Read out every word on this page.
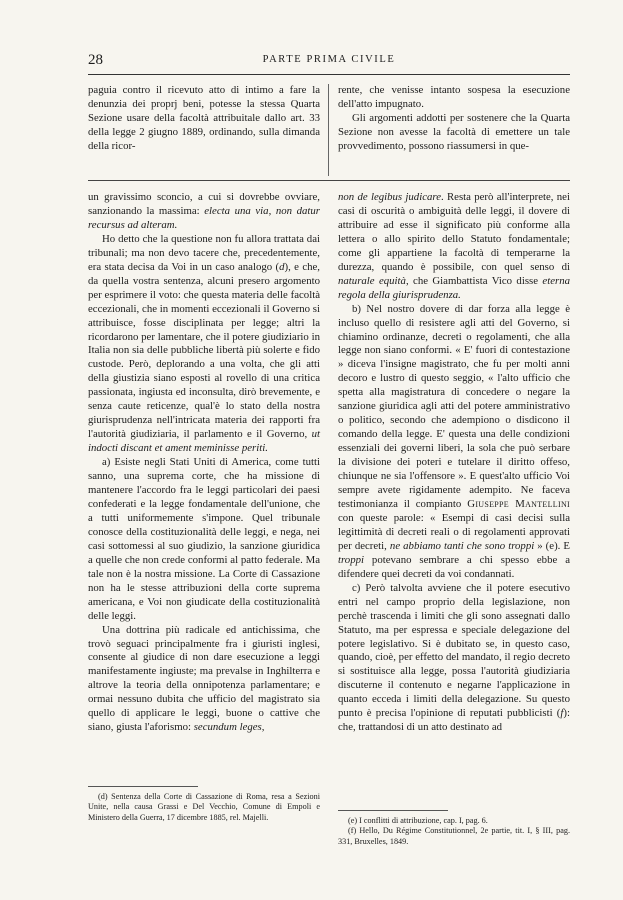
28	PARTE PRIMA CIVILE

paguia contro il ricevuto atto di intimo a fare la denunzia dei proprj beni, potesse la stessa Quarta Sezione usare della facoltà attribuitale dallo art. 33 della legge 2 giugno 1889, ordinando, sulla dimanda della ricor-

rente, che venisse intanto sospesa la esecuzione dell'atto impugnato.

Gli argomenti addotti per sostenere che la Quarta Sezione non avesse la facoltà di emettere un tale provvedimento, possono riassumersi in que-

un gravissimo sconcio, a cui si dovrebbe ovviare, sanzionando la massima: electa una via, non datur recursus ad alteram.

Ho detto che la questione non fu allora trattata dai tribunali; ma non devo tacere che, precedentemente, era stata decisa da Voi in un caso analogo (d), e che, da quella vostra sentenza, alcuni presero argomento per esprimere il voto: che questa materia delle facoltà eccezionali, che in momenti eccezionali il Governo si attribuisce, fosse disciplinata per legge; altri la ricordarono per lamentare, che il potere giudiziario in Italia non sia delle pubbliche libertà più solerte e fido custode. Però, deplorando a una volta, che gli atti della giustizia siano esposti al rovello di una critica passionata, ingiusta ed inconsulta, dirò brevemente, e senza caute reticenze, qual'è lo stato della nostra giurisprudenza nell'intricata materia dei rapporti fra l'autorità giudiziaria, il parlamento e il Governo, ut indocti discant et ament meminisse periti.

a) Esiste negli Stati Uniti di America, come tutti sanno, una suprema corte, che ha missione di mantenere l'accordo fra le leggi particolari dei paesi confederati e la legge fondamentale dell'unione, che a tutti uniformemente s'impone. Quel tribunale conosce della costituzionalità delle leggi, e nega, nei casi sottomessi al suo giudizio, la sanzione giuridica a quelle che non crede conformi al patto federale. Ma tale non è la nostra missione. La Corte di Cassazione non ha le stesse attribuzioni della corte suprema americana, e Voi non giudicate della costituzionalità delle leggi.

Una dottrina più radicale ed antichissima, che trovò seguaci principalmente fra i giuristi inglesi, consente al giudice di non dare esecuzione a leggi manifestamente ingiuste; ma prevalse in Inghilterra e altrove la teoria della onnipotenza parlamentare; e ormai nessuno dubita che ufficio del magistrato sia quello di applicare le leggi, buone o cattive che siano, giusta l'aforismo: secundum leges,

non de legibus judicare. Resta però all'interprete, nei casi di oscurità o ambiguità delle leggi, il dovere di attribuire ad esse il significato più conforme alla lettera o allo spirito dello Statuto fondamentale; come gli appartiene la facoltà di temperarne la durezza, quando è possibile, con quel senso di naturale equità, che Giambattista Vico disse eterna regola della giurisprudenza.

b) Nel nostro dovere di dar forza alla legge è incluso quello di resistere agli atti del Governo, si chiamino ordinanze, decreti o regolamenti, che alla legge non siano conformi. « E' fuori di contestazione » diceva l'insigne magistrato, che fu per molti anni decoro e lustro di questo seggio, « l'alto ufficio che spetta alla magistratura di concedere o negare la sanzione giuridica agli atti del potere amministrativo o politico, secondo che adempiono o disdicono il comando della legge. E' questa una delle condizioni essenziali dei governi liberi, la sola che può serbare la divisione dei poteri e tutelare il diritto offeso, chiunque ne sia l'offensore ». E quest'alto ufficio Voi sempre avete rigidamente adempito. Ne faceva testimonianza il compianto Giuseppe Mantellini con queste parole: « Esempi di casi decisi sulla legittimità di decreti reali o di regolamenti approvati per decreti, ne abbiamo tanti che sono troppi » (e). E troppi potevano sembrare a chi spesso ebbe a difendere quei decreti da voi condannati.

c) Però talvolta avviene che il potere esecutivo entri nel campo proprio della legislazione, non perchè trascenda i limiti che gli sono assegnati dallo Statuto, ma per espressa e speciale delegazione del potere legislativo. Si è dubitato se, in questo caso, quando, cioè, per effetto del mandato, il regio decreto si sostituisce alla legge, possa l'autorità giudiziaria discuterne il contenuto e negarne l'applicazione in quanto ecceda i limiti della delegazione. Su questo punto è precisa l'opinione di reputati pubblicisti (f): che, trattandosi di un atto destinato ad

(d) Sentenza della Corte di Cassazione di Roma, resa a Sezioni Unite, nella causa Grassi e Del Vecchio, Comune di Empoli e Ministero della Guerra, 17 dicembre 1885, rel. Majelli.	(e) I conflitti di attribuzione, cap. I, pag. 6.

(f) Hello, Du Régime Constitutionnel, 2e partie, tit. I, § III, pag. 331, Bruxelles, 1849.
